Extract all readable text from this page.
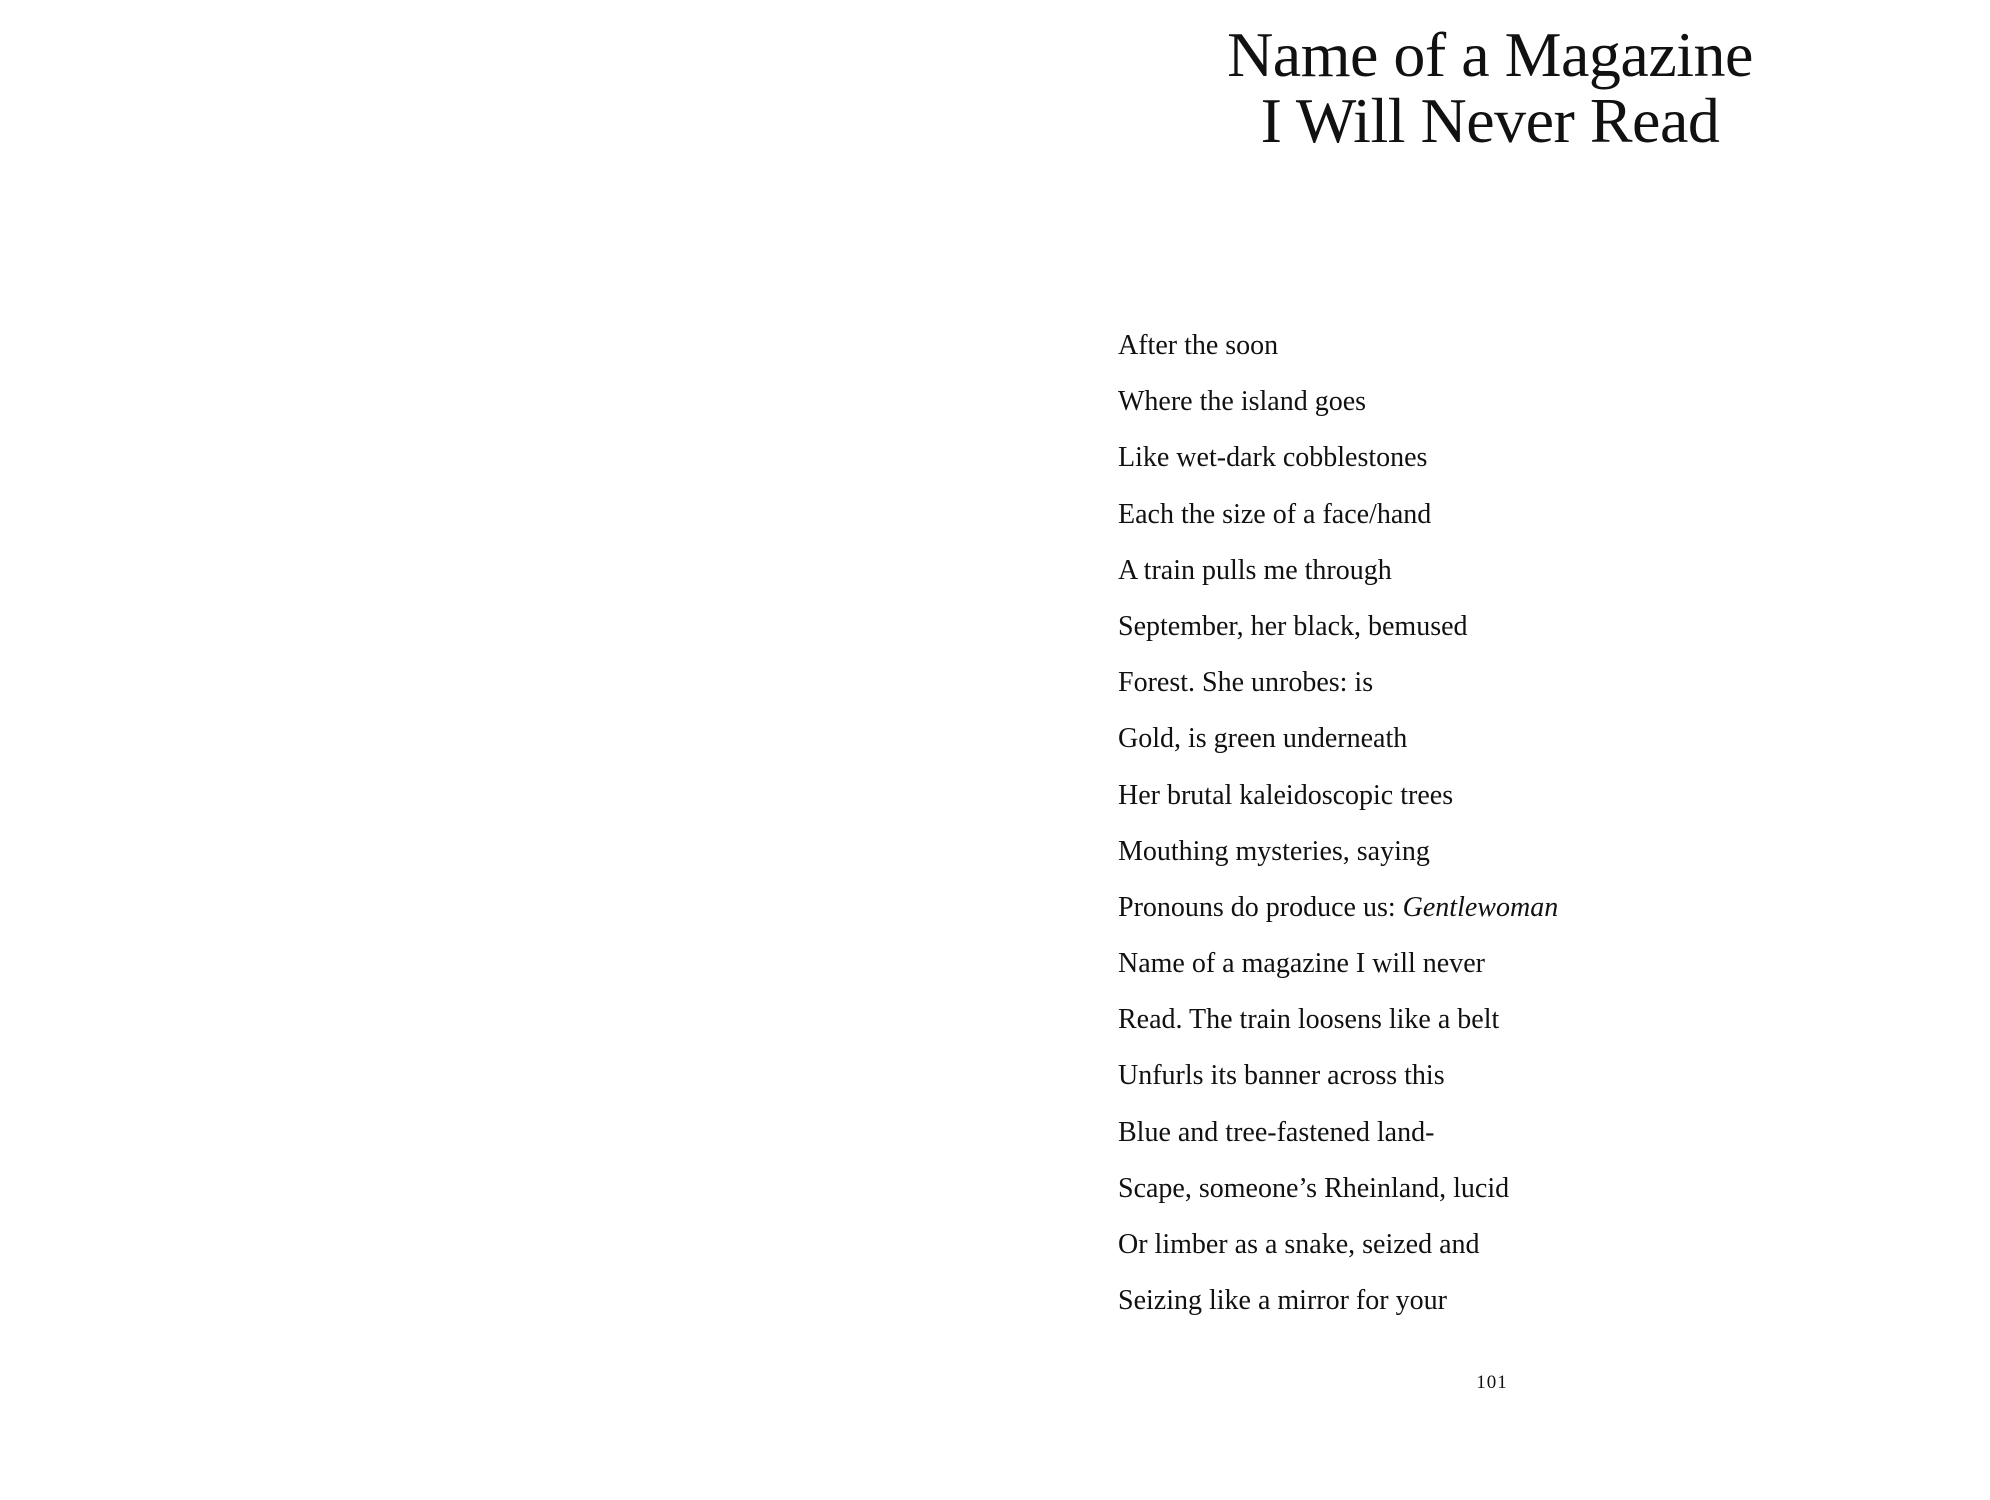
Name of a Magazine
I Will Never Read
After the soon
Where the island goes
Like wet-dark cobblestones
Each the size of a face/hand
A train pulls me through
September, her black, bemused
Forest. She unrobes: is
Gold, is green underneath
Her brutal kaleidoscopic trees
Mouthing mysteries, saying
Pronouns do produce us: Gentlewoman
Name of a magazine I will never
Read. The train loosens like a belt
Unfurls its banner across this
Blue and tree-fastened land-
Scape, someone’s Rheinland, lucid
Or limber as a snake, seized and
Seizing like a mirror for your
101
